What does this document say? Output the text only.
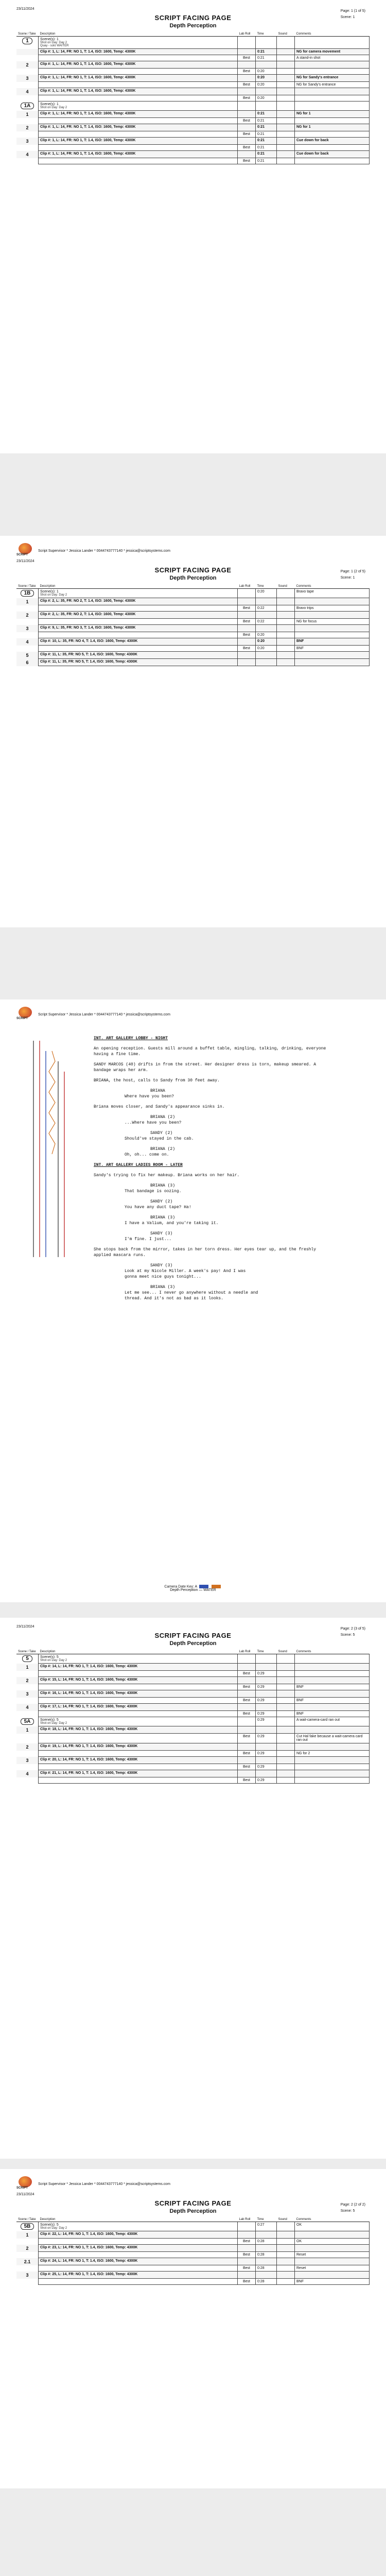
23/11/2024
Page: 1 (1 of 5)
Scene: 1
SCRIPT FACING PAGE
Depth Perception
Scene / Take	Description	Lab Roll	Time	Sound	Comments
1	Scene(s): 1
Shot on Day: Day 2
Quay - solo WAITER				

	Clip #: 1, L: 14, FR: NO 1, T: 1.4, ISO: 1600, Temp: 4300K		0:21		NG for camera movement

	Best	0:21		A stand-in shot
2	Clip #: 1, L: 14, FR: NO 1, T: 1.4, ISO: 1600, Temp: 4300K				

	Best	0:20		
3	Clip #: 1, L: 14, FR: NO 1, T: 1.4, ISO: 1600, Temp: 4300K		0:20		NG for Sandy's entrance

	Best	0:20		NG for Sandy's entrance
4	Clip #: 1, L: 14, FR: NO 1, T: 1.4, ISO: 1600, Temp: 4300K				

	Best	0:20		
1A	Scene(s): 1
Shot on Day: Day 2				

1	Clip #: 1, L: 14, FR: NO 1, T: 1.4, ISO: 1600, Temp: 4300K		0:21		NG for 1

	Best	0:21		
2	Clip #: 1, L: 14, FR: NO 1, T: 1.4, ISO: 1600, Temp: 4300K		0:21		NG for 1

	Best	0:21		
3	Clip #: 1, L: 14, FR: NO 1, T: 1.4, ISO: 1600, Temp: 4300K		0:21		Cue down for back

	Best	0:21		
4	Clip #: 1, L: 14, FR: NO 1, T: 1.4, ISO: 1600, Temp: 4300K		0:21		Cue down for back

	Best	0:21		
SCRIPT
Script Supervisor * Jessica Lander * 0044743777140 * jessica@scriptsystems.com
23/11/2024
Page: 1 (2 of 5)
Scene: 1
SCRIPT FACING PAGE
Depth Perception
Scene / Take	Description	Lab Roll	Time	Sound	Comments
1B	Scene(s): 1
Shot on Day: Day 2		0:20		Bravo tape
1	Clip #: 2, L: 35, FR: NO 2, T: 1.4, ISO: 1600, Temp: 4300K				

	Best	0:22		Bravo trips
2	Clip #: 2, L: 35, FR: NO 2, T: 1.4, ISO: 1600, Temp: 4300K				

	Best	0:22		NG for focus
3	Clip #: 9, L: 35, FR: NO 3, T: 1.4, ISO: 1600, Temp: 4300K				

	Best	0:20		
4	Clip #: 10, L: 35, FR: NO 4, T: 1.4, ISO: 1600, Temp: 4300K		0:20		BNF

	Best	0:20		BNF
5	Clip #: 11, L: 35, FR: NO 5, T: 1.4, ISO: 1600, Temp: 4300K				

6	Clip #: 11, L: 35, FR: NO 5, T: 1.4, ISO: 1600, Temp: 4300K				

SCRIPT
Script Supervisor * Jessica Lander * 0044743777140 * jessica@scriptsystems.com

INT. ART GALLERY LOBBY - NIGHT

An opening reception. Guests mill around a buffet table, mingling, talking, drinking, everyone having a fine time.

SANDY MARCOS (40) drifts in from the street. Her designer dress is torn, makeup smeared. A bandage wraps her arm.

BRIANA, the host, calls to Sandy from 30 feet away.

BRIANA

Where have you been?

Briana moves closer, and Sandy's appearance sinks in.

BRIANA (2)

...Where have you been?

SANDY (2)

Should've stayed in the cab.

BRIANA (2)

Oh, oh... come on.

INT. ART GALLERY LADIES ROOM - LATER

Sandy's trying to fix her makeup. Briana works on her hair.

BRIANA (3)

That bandage is oozing.

SANDY (2)

You have any duct tape? Ha!

BRIANA (3)

I have a Valium, and you're taking it.

SANDY (3)

I'm fine. I just...

She stops back from the mirror, takes in her torn dress. Her eyes tear up, and the freshly applied mascara runs.

SANDY (3)

Look at my Nicole Miller. A week's pay! And I was gonna meet nice guys tonight...

BRIANA (3)

Let me see... I never go anywhere without a needle and thread. And it's not as bad as it looks.

Camera Date Key: A
Depth Perception — WATER
23/11/2024
Page: 2 (3 of 5)
Scene: 5
SCRIPT FACING PAGE
Depth Perception
Scene / Take	Description	Lab Roll	Time	Sound	Comments
5	Scene(s): 5
Shot on Day: Day 2				

1	Clip #: 14, L: 14, FR: NO 1, T: 1.4, ISO: 1600, Temp: 4300K				

	Best	0:29		
2	Clip #: 15, L: 14, FR: NO 1, T: 1.4, ISO: 1600, Temp: 4300K				

	Best	0:29		BNF
3	Clip #: 16, L: 14, FR: NO 1, T: 1.4, ISO: 1600, Temp: 4300K				

	Best	0:29		BNF
4	Clip #: 17, L: 14, FR: NO 1, T: 1.4, ISO: 1600, Temp: 4300K				

	Best	0:29		BNF
5A	Scene(s): 5
Shot on Day: Day 2		0:29		A wait-camera-card ran out
1	Clip #: 18, L: 14, FR: NO 1, T: 1.4, ISO: 1600, Temp: 4300K				

	Best	0:29		Cut Hal fake because a wait-camera card ran out
2	Clip #: 19, L: 14, FR: NO 1, T: 1.4, ISO: 1600, Temp: 4300K				

	Best	0:29		NG for 2
3	Clip #: 20, L: 14, FR: NO 1, T: 1.4, ISO: 1600, Temp: 4300K				

	Best	0:29		
4	Clip #: 21, L: 14, FR: NO 1, T: 1.4, ISO: 1600, Temp: 4300K				

	Best	0:29		
SCRIPT
Script Supervisor * Jessica Lander * 0044743777140 * jessica@scriptsystems.com
23/11/2024
Page: 2 (2 of 2)
Scene: 5
SCRIPT FACING PAGE
Depth Perception
Scene / Take	Description	Lab Roll	Time	Sound	Comments
5B	Scene(s): 5
Shot on Day: Day 2		0:27		OK
1	Clip #: 22, L: 14, FR: NO 1, T: 1.4, ISO: 1600, Temp: 4300K				

	Best	0:28		OK
2	Clip #: 23, L: 14, FR: NO 1, T: 1.4, ISO: 1600, Temp: 4300K				

	Best	0:28		Reset
2.1	Clip #: 24, L: 14, FR: NO 1, T: 1.4, ISO: 1600, Temp: 4300K				

	Best	0:28		Reset
3	Clip #: 25, L: 14, FR: NO 1, T: 1.4, ISO: 1600, Temp: 4300K				

	Best	0:28		BNF
